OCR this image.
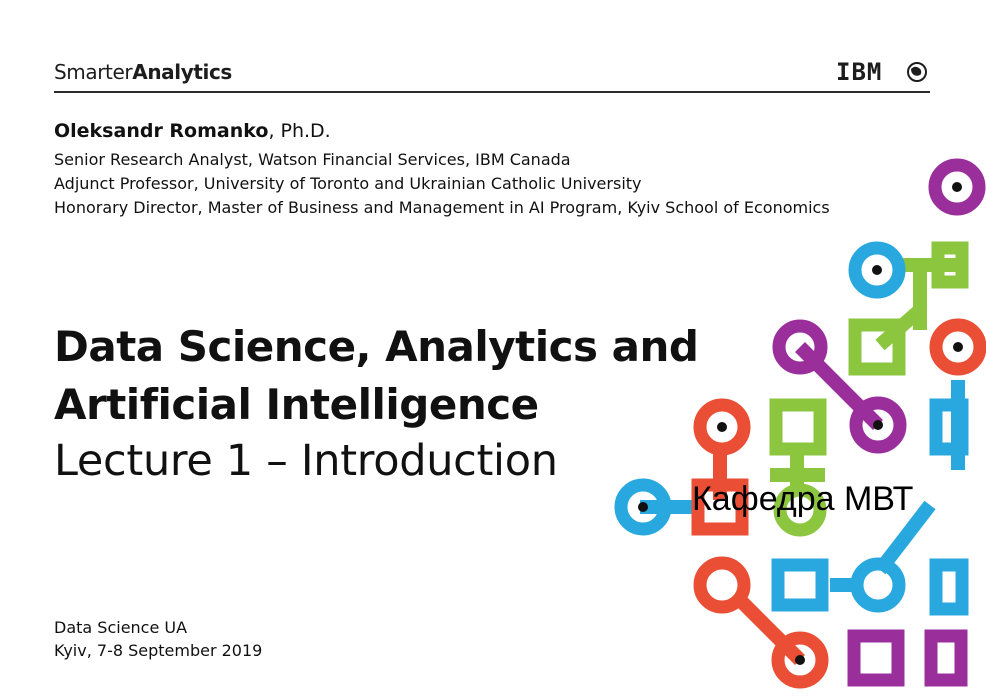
SmarterAnalytics	IBM
Oleksandr Romanko, Ph.D.
Senior Research Analyst, Watson Financial Services, IBM Canada
Adjunct Professor, University of Toronto and Ukrainian Catholic University
Honorary Director, Master of Business and Management in AI Program, Kyiv School of Economics
Data Science, Analytics and
Artificial Intelligence
Lecture 1 – Introduction
Data Science UA
Kyiv, 7-8 September 2019
Кафедра МВТ
